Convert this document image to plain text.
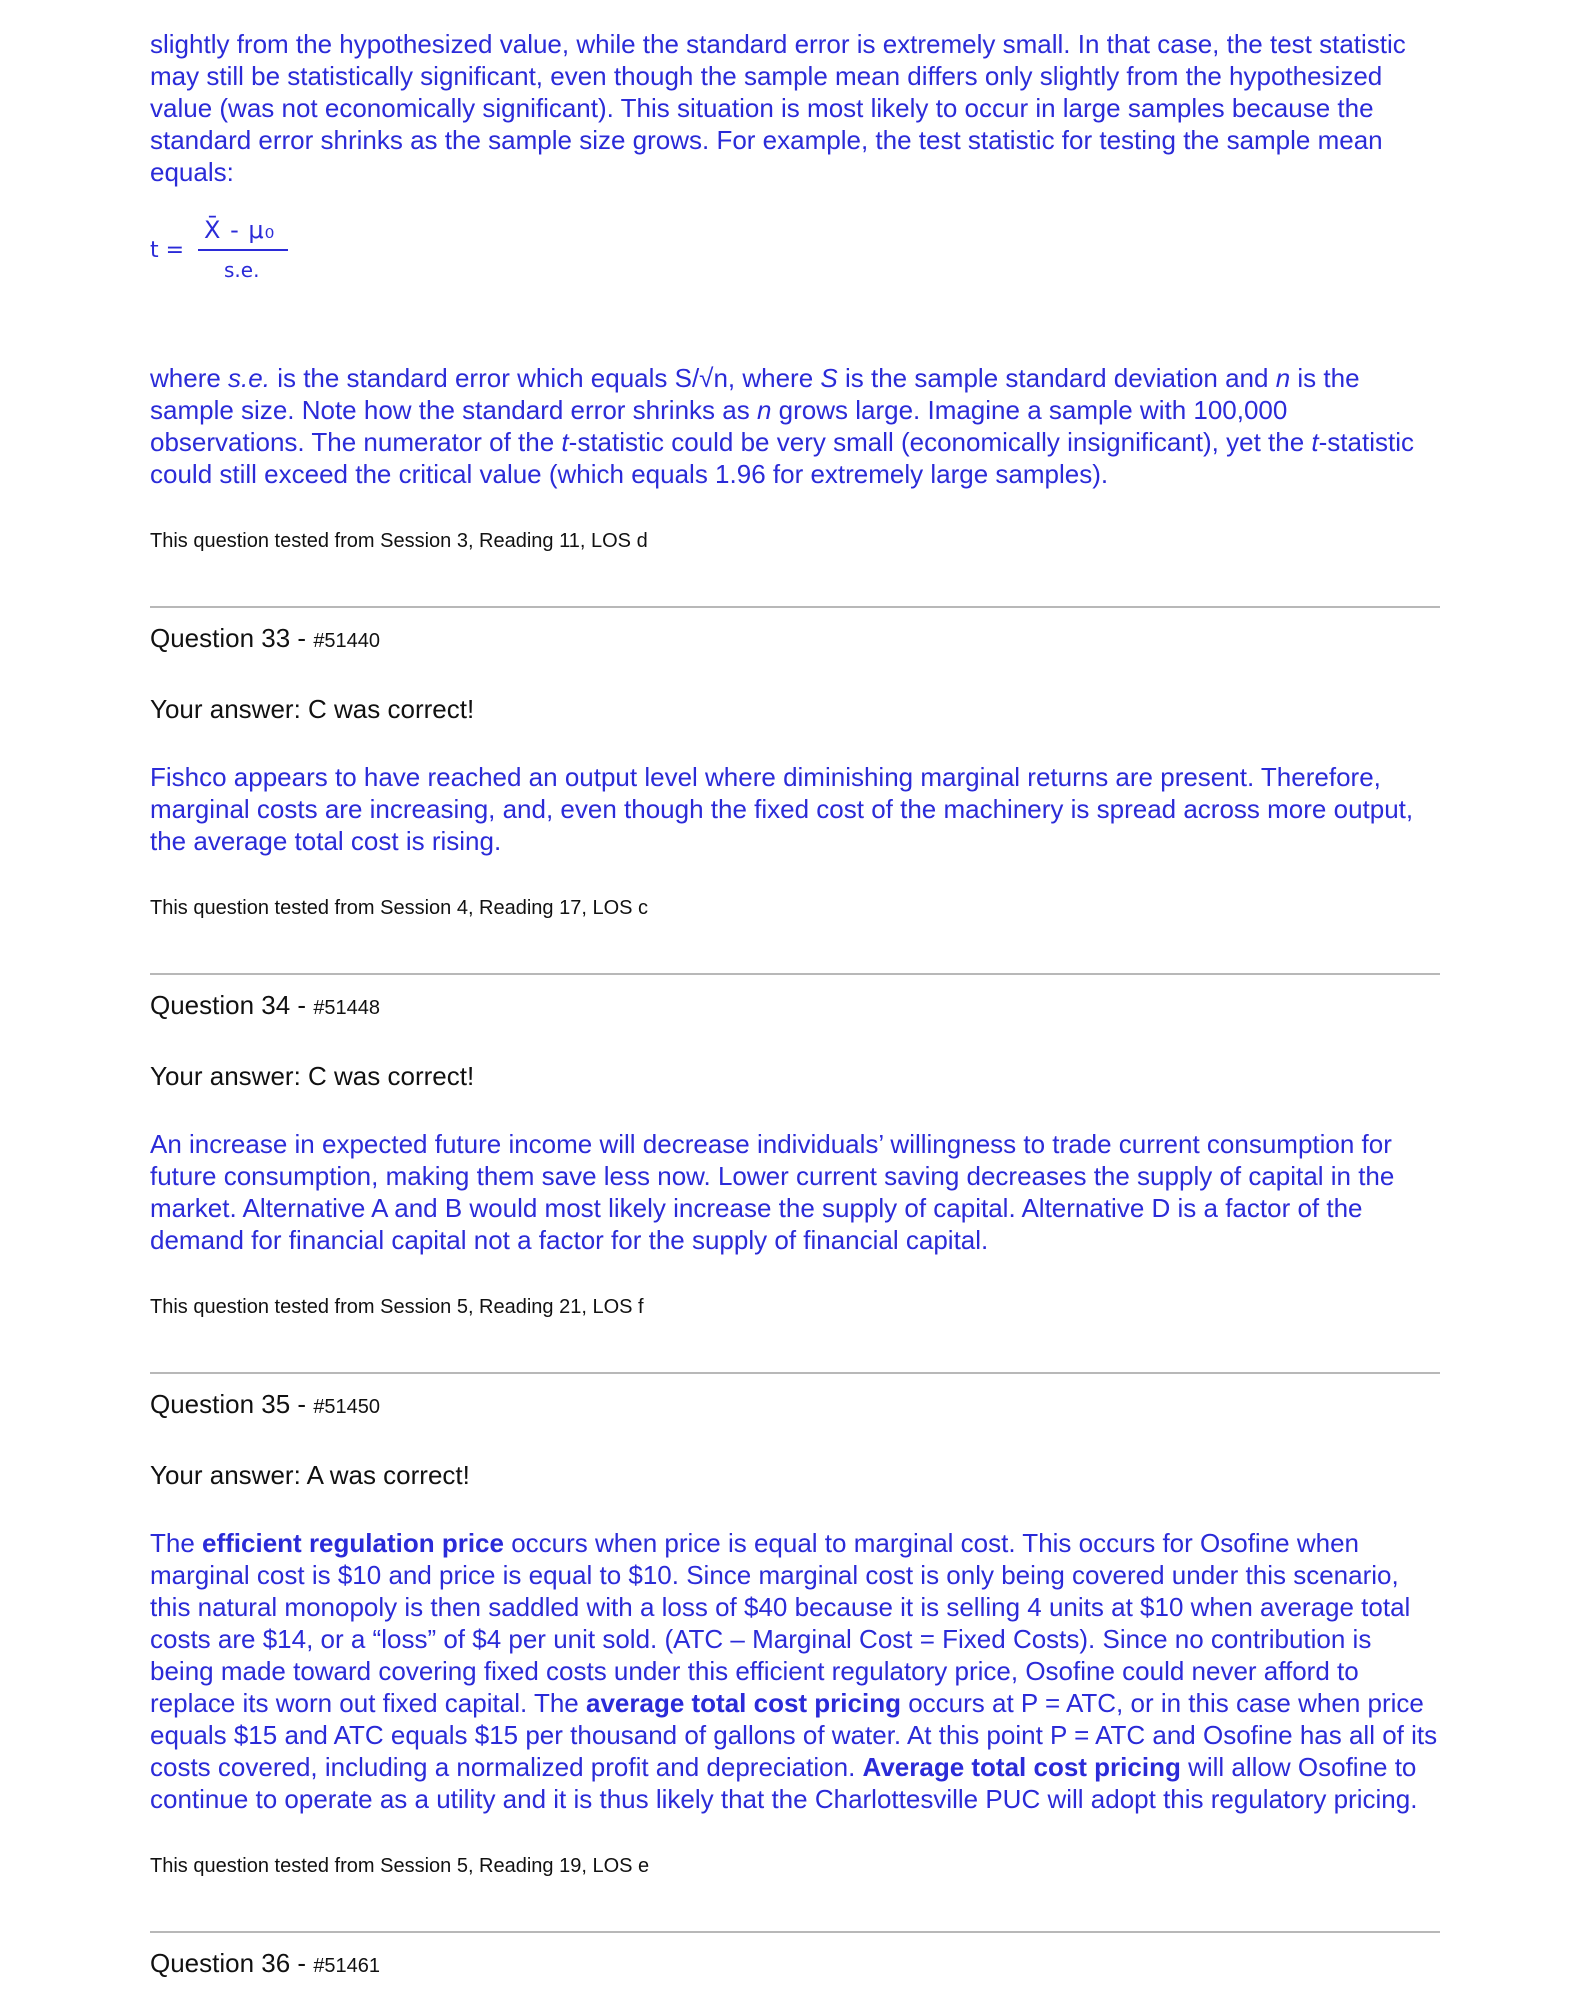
slightly from the hypothesized value, while the standard error is extremely small. In that case, the test statistic may still be statistically significant, even though the sample mean differs only slightly from the hypothesized value (was not economically significant). This situation is most likely to occur in large samples because the standard error shrinks as the sample size grows. For example, the test statistic for testing the sample mean equals:

t =
X̄ - μ₀
s.e.

where s.e. is the standard error which equals S/√n, where S is the sample standard deviation and n is the sample size. Note how the standard error shrinks as n grows large. Imagine a sample with 100,000 observations. The numerator of the t-statistic could be very small (economically insignificant), yet the t-statistic could still exceed the critical value (which equals 1.96 for extremely large samples).

This question tested from Session 3, Reading 11, LOS d

Question 33 - #51440

Your answer: C was correct!

Fishco appears to have reached an output level where diminishing marginal returns are present. Therefore, marginal costs are increasing, and, even though the fixed cost of the machinery is spread across more output, the average total cost is rising.

This question tested from Session 4, Reading 17, LOS c

Question 34 - #51448

Your answer: C was correct!

An increase in expected future income will decrease individuals’ willingness to trade current consumption for future consumption, making them save less now. Lower current saving decreases the supply of capital in the market. Alternative A and B would most likely increase the supply of capital. Alternative D is a factor of the demand for financial capital not a factor for the supply of financial capital.

This question tested from Session 5, Reading 21, LOS f

Question 35 - #51450

Your answer: A was correct!

The efficient regulation price occurs when price is equal to marginal cost. This occurs for Osofine when marginal cost is $10 and price is equal to $10. Since marginal cost is only being covered under this scenario, this natural monopoly is then saddled with a loss of $40 because it is selling 4 units at $10 when average total costs are $14, or a “loss” of $4 per unit sold. (ATC – Marginal Cost = Fixed Costs). Since no contribution is being made toward covering fixed costs under this efficient regulatory price, Osofine could never afford to replace its worn out fixed capital. The average total cost pricing occurs at P = ATC, or in this case when price equals $15 and ATC equals $15 per thousand of gallons of water. At this point P = ATC and Osofine has all of its costs covered, including a normalized profit and depreciation. Average total cost pricing will allow Osofine to continue to operate as a utility and it is thus likely that the Charlottesville PUC will adopt this regulatory pricing.

This question tested from Session 5, Reading 19, LOS e

Question 36 - #51461
